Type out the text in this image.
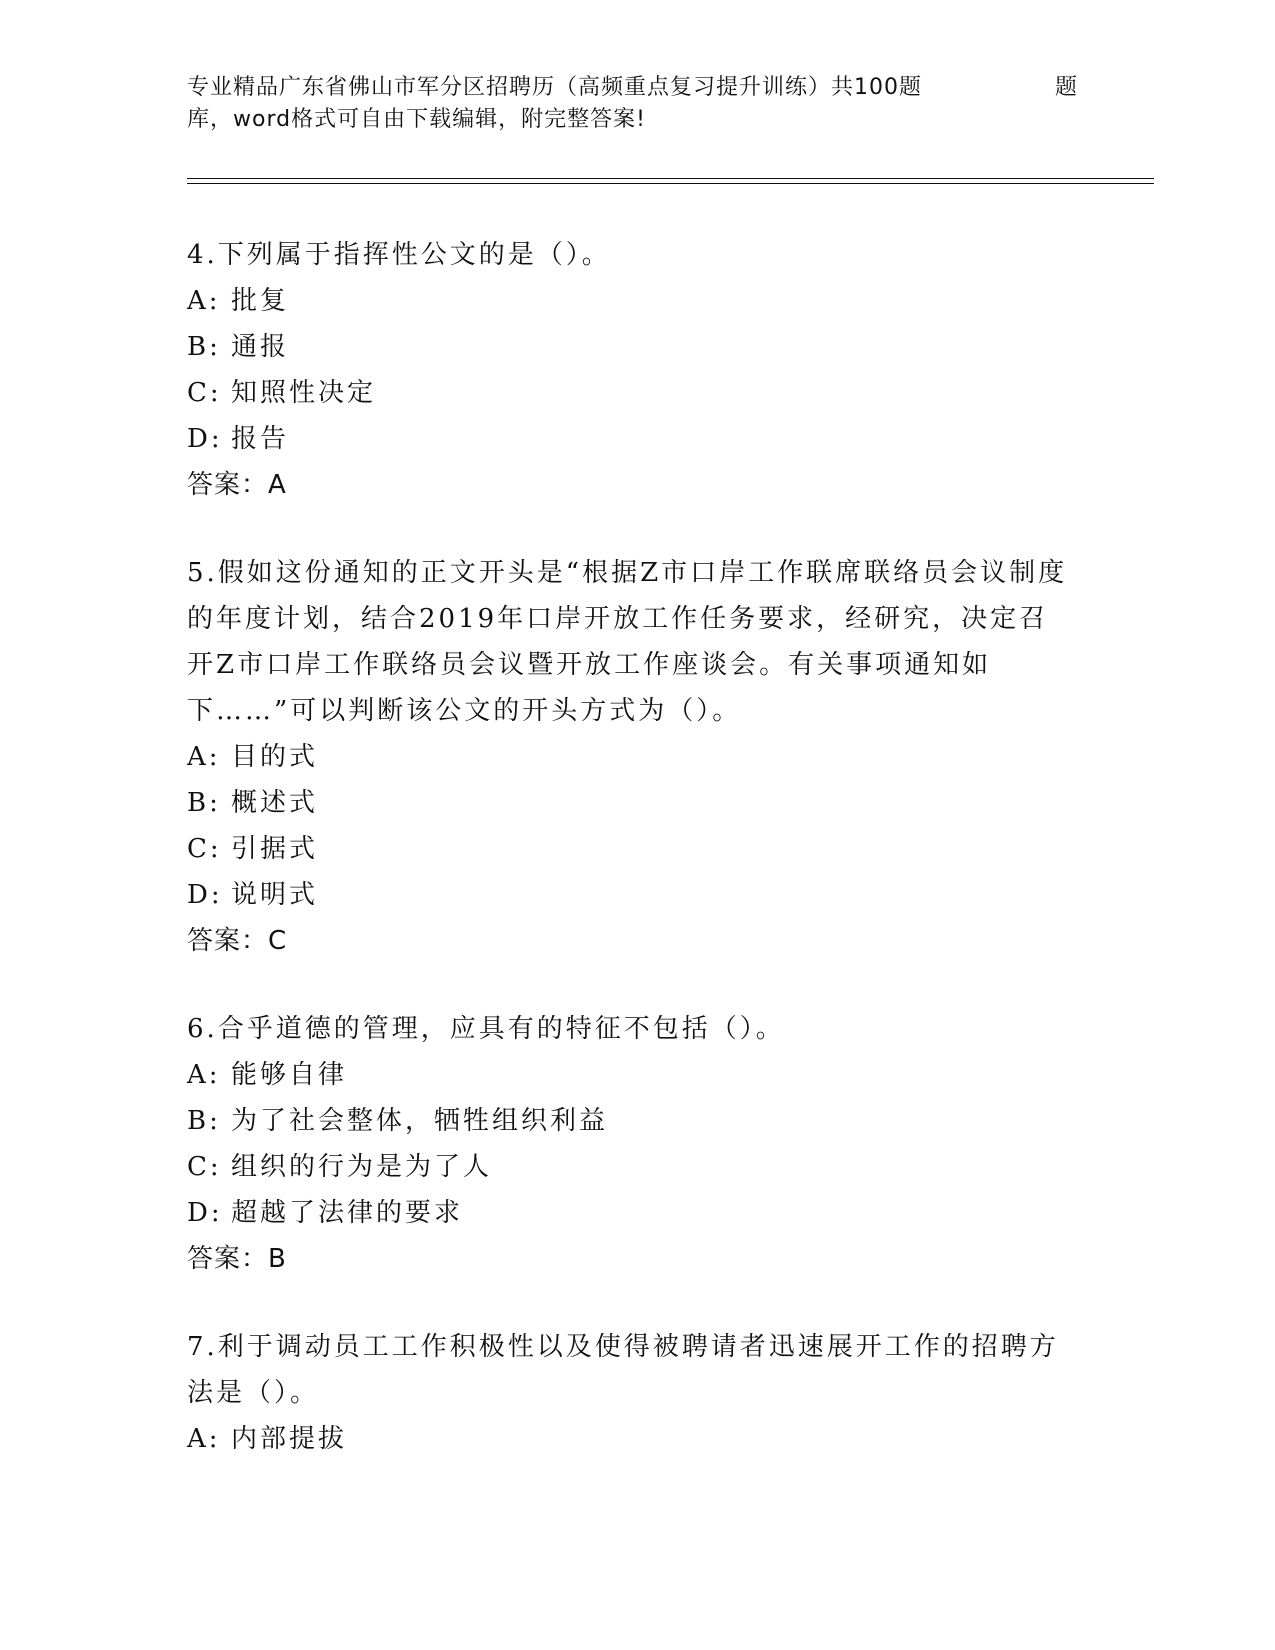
专业精品广东省佛山市军分区招聘历（高频重点复习提升训练）共100题	题
库，word格式可自由下载编辑，附完整答案!
4.下列属于指挥性公文的是（）。
A: 批复
B: 通报
C: 知照性决定
D: 报告
答案：A
5.假如这份通知的正文开头是“根据Z市口岸工作联席联络员会议制度的年度计划，结合2019年口岸开放工作任务要求，经研究，决定召开Z市口岸工作联络员会议暨开放工作座谈会。有关事项通知如下……”可以判断该公文的开头方式为（）。
A: 目的式
B: 概述式
C: 引据式
D: 说明式
答案：C
6.合乎道德的管理，应具有的特征不包括（）。
A: 能够自律
B: 为了社会整体，牺牲组织利益
C: 组织的行为是为了人
D: 超越了法律的要求
答案：B
7.利于调动员工工作积极性以及使得被聘请者迅速展开工作的招聘方法是（）。
A: 内部提拔
